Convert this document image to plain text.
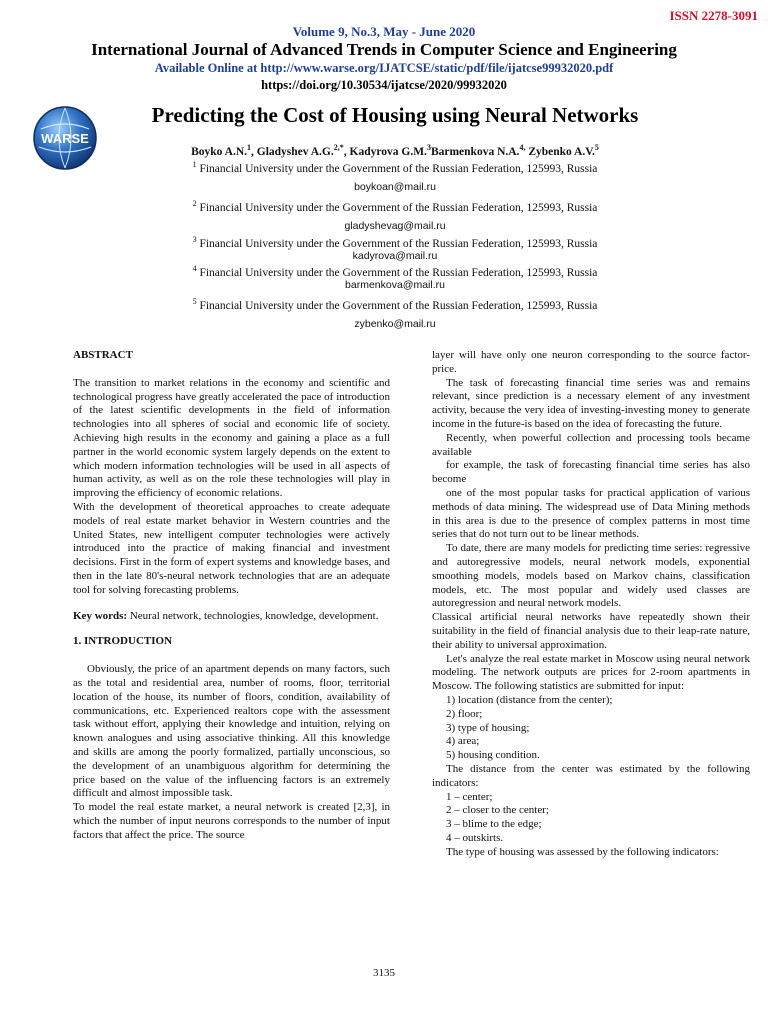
ISSN 2278-3091
Volume 9, No.3, May - June 2020
International Journal of Advanced Trends in Computer Science and Engineering
Available Online at http://www.warse.org/IJATCSE/static/pdf/file/ijatcse99932020.pdf
https://doi.org/10.30534/ijatcse/2020/99932020
WARSE
Predicting the Cost of Housing using Neural Networks
Boyko A.N.$^1$, Gladyshev A.G.$^{2,*}$, Kadyrova G.M.$^3$Barmenkova N.A.$^{4,}$ Zybenko A.V.$^5$
$^1$ Financial University under the Government of the Russian Federation, 125993, Russia
boykoan@mail.ru
$^2$ Financial University under the Government of the Russian Federation, 125993, Russia
gladyshevag@mail.ru
$^3$ Financial University under the Government of the Russian Federation, 125993, Russia
kadyrova@mail.ru
$^4$ Financial University under the Government of the Russian Federation, 125993, Russia
barmenkova@mail.ru
$^5$ Financial University under the Government of the Russian Federation, 125993, Russia
zybenko@mail.ru

ABSTRACT

The transition to market relations in the economy and scientific and technological progress have greatly accelerated the pace of introduction of the latest scientific developments in the field of information technologies into all spheres of social and economic life of society. Achieving high results in the economy and gaining a place as a full partner in the world economic system largely depends on the extent to which modern information technologies will be used in all aspects of human activity, as well as on the role these technologies will play in improving the efficiency of economic relations.

With the development of theoretical approaches to create adequate models of real estate market behavior in Western countries and the United States, new intelligent computer technologies were actively introduced into the practice of making financial and investment decisions. First in the form of expert systems and knowledge bases, and then in the late 80's-neural network technologies that are an adequate tool for solving forecasting problems.

Key words: Neural network, technologies, knowledge, development.

1. INTRODUCTION

Obviously, the price of an apartment depends on many factors, such as the total and residential area, number of rooms, floor, territorial location of the house, its number of floors, condition, availability of communications, etc. Experienced realtors cope with the assessment task without effort, applying their knowledge and intuition, relying on known analogues and using associative thinking. All this knowledge and skills are among the poorly formalized, partially unconscious, so the development of an unambiguous algorithm for determining the price based on the value of the influencing factors is an extremely difficult and almost impossible task.

To model the real estate market, a neural network is created [2,3], in which the number of input neurons corresponds to the number of input factors that affect the price. The source

layer will have only one neuron corresponding to the source factor-price.

The task of forecasting financial time series was and remains relevant, since prediction is a necessary element of any investment activity, because the very idea of investing-investing money to generate income in the future-is based on the idea of forecasting the future.

Recently, when powerful collection and processing tools became available

for example, the task of forecasting financial time series has also become

one of the most popular tasks for practical application of various methods of data mining. The widespread use of Data Mining methods in this area is due to the presence of complex patterns in most time series that do not turn out to be linear methods.

To date, there are many models for predicting time series: regressive and autoregressive models, neural network models, exponential smoothing models, models based on Markov chains, classification models, etc. The most popular and widely used classes are autoregression and neural network models.

Classical artificial neural networks have repeatedly shown their suitability in the field of financial analysis due to their leap-rate nature, their ability to universal approximation.

Let's analyze the real estate market in Moscow using neural network modeling. The network outputs are prices for 2-room apartments in Moscow. The following statistics are submitted for input:

1) location (distance from the center);

2) floor;

3) type of housing;

4) area;

5) housing condition.

The distance from the center was estimated by the following indicators:

1 – center;

2 – closer to the center;

3 – blime to the edge;

4 – outskirts.

The type of housing was assessed by the following indicators:

3135
